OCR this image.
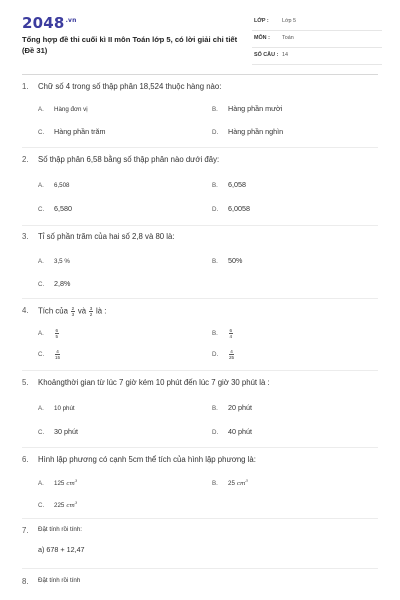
$2048^{.vn}$
Tổng hợp đề thi cuối kì II môn Toán lớp 5, có lời giải chi tiết
(Đề 31)
LỚP : Lớp 5
MÔN : Toán
SỐ CÂU : 14
1. Chữ số 4 trong số thập phân 18,524 thuộc hàng nào:
A. Hàng đơn vị	B. Hàng phần mười
C. Hàng phần trăm	D. Hàng phần nghìn
2. Số thập phân 6,58 bằng số thập phân nào dưới đây:
A. 6,508	B. 6,058
C. 6,580	D. 6,0058
3. Tỉ số phần trăm của hai số 2,8 và 80 là:
A. 3,5 %	B. 50%
C. 2,8%
4. Tích của $\frac{2}{3}$ và $\frac{3}{2}$ là :
A. $\frac{6}{5}$	B. $\frac{6}{4}$
C. $\frac{4}{15}$	D. $\frac{4}{25}$
5. Khoảngthời gian từ lúc 7 giờ kém 10 phút đến lúc 7 giờ 30 phút là :
A. 10 phút	B. 20 phút
C. 30 phút	D. 40 phút
6. Hình lập phương có cạnh 5cm thể tích của hình lập phương là:
A. 125 $cm^3$	B. 25 $cm^3$
C. 225 $cm^3$
7. Đặt tính rồi tính:
a) 678 + 12,47
8. Đặt tính rồi tính
